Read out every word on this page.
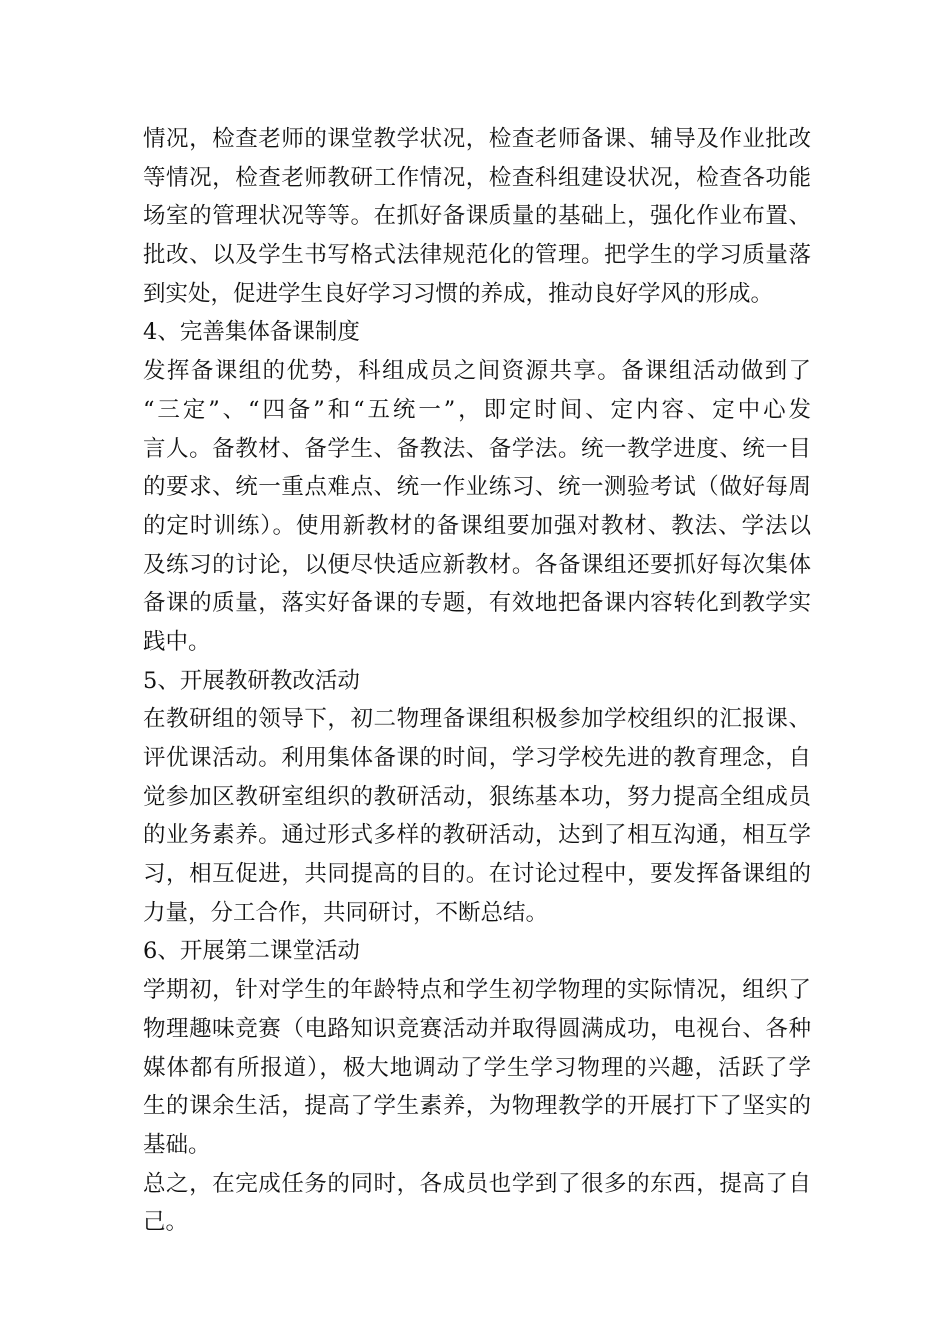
情况，检查老师的课堂教学状况，检查老师备课、辅导及作业批改
等情况，检查老师教研工作情况，检查科组建设状况，检查各功能
场室的管理状况等等。在抓好备课质量的基础上，强化作业布置、
批改、以及学生书写格式法律规范化的管理。把学生的学习质量落
到实处，促进学生良好学习习惯的养成，推动良好学风的形成。
4、完善集体备课制度
发挥备课组的优势，科组成员之间资源共享。备课组活动做到了
“三定”、“四备”和“五统一”，即定时间、定内容、定中心发
言人。备教材、备学生、备教法、备学法。统一教学进度、统一目
的要求、统一重点难点、统一作业练习、统一测验考试（做好每周
的定时训练）。使用新教材的备课组要加强对教材、教法、学法以
及练习的讨论，以便尽快适应新教材。各备课组还要抓好每次集体
备课的质量，落实好备课的专题，有效地把备课内容转化到教学实
践中。
5、开展教研教改活动
在教研组的领导下，初二物理备课组积极参加学校组织的汇报课、
评优课活动。利用集体备课的时间，学习学校先进的教育理念，自
觉参加区教研室组织的教研活动，狠练基本功，努力提高全组成员
的业务素养。通过形式多样的教研活动，达到了相互沟通，相互学
习，相互促进，共同提高的目的。在讨论过程中，要发挥备课组的
力量，分工合作，共同研讨，不断总结。
6、开展第二课堂活动
学期初，针对学生的年龄特点和学生初学物理的实际情况，组织了
物理趣味竞赛（电路知识竞赛活动并取得圆满成功，电视台、各种
媒体都有所报道），极大地调动了学生学习物理的兴趣，活跃了学
生的课余生活，提高了学生素养，为物理教学的开展打下了坚实的
基础。
总之，在完成任务的同时，各成员也学到了很多的东西，提高了自
己。
